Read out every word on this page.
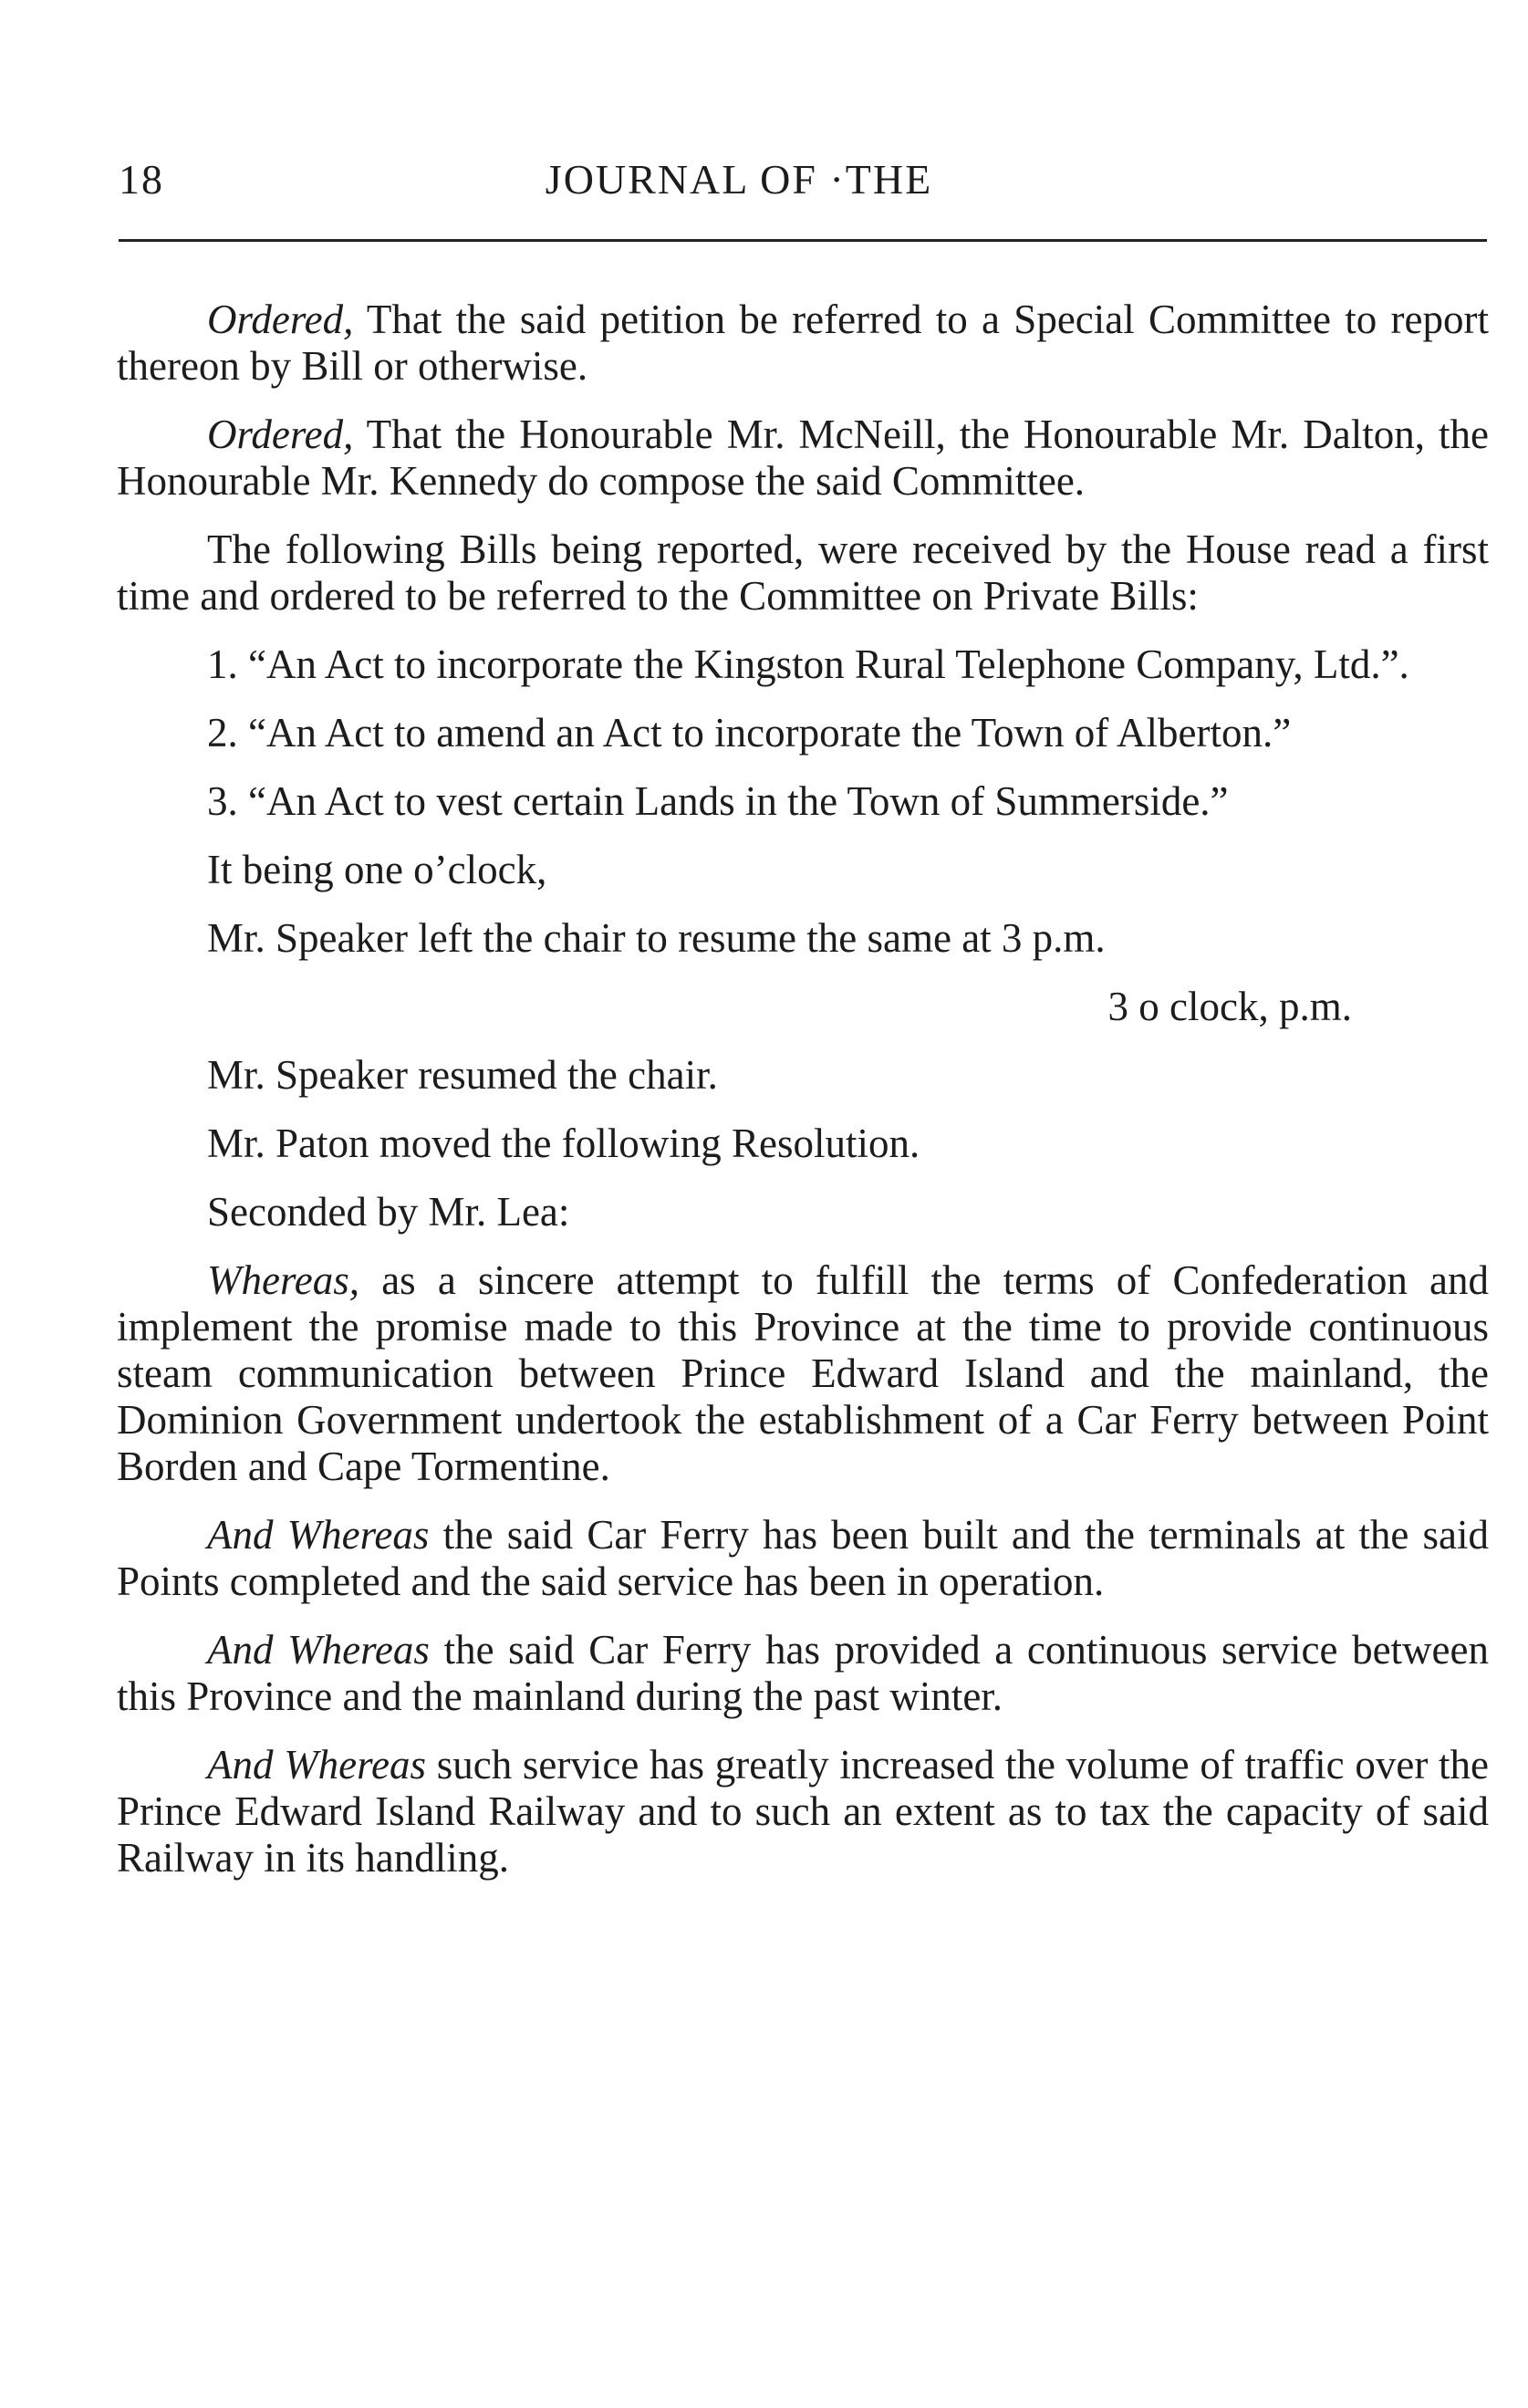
18	JOURNAL OF ·THE

Ordered, That the said petition be referred to a Special Committee to report thereon by Bill or otherwise.

Ordered, That the Honourable Mr. McNeill, the Honourable Mr. Dalton, the Honourable Mr. Kennedy do compose the said Committee.

The following Bills being reported, were received by the House read a first time and ordered to be referred to the Committee on Private Bills:

1. “An Act to incorporate the Kingston Rural Telephone Company, Ltd.”.

2. “An Act to amend an Act to incorporate the Town of Alberton.”

3. “An Act to vest certain Lands in the Town of Summerside.”

It being one o’clock,

Mr. Speaker left the chair to resume the same at 3 p.m.

3 o clock, p.m.

Mr. Speaker resumed the chair.

Mr. Paton moved the following Resolution.

Seconded by Mr. Lea:

Whereas, as a sincere attempt to fulfill the terms of Confederation and implement the promise made to this Province at the time to provide continuous steam communication between Prince Edward Island and the mainland, the Dominion Government undertook the establishment of a Car Ferry between Point Borden and Cape Tormentine.

And Whereas the said Car Ferry has been built and the terminals at the said Points completed and the said service has been in operation.

And Whereas the said Car Ferry has provided a continuous service between this Province and the mainland during the past winter.

And Whereas such service has greatly increased the volume of traffic over the Prince Edward Island Railway and to such an extent as to tax the capacity of said Railway in its handling.
